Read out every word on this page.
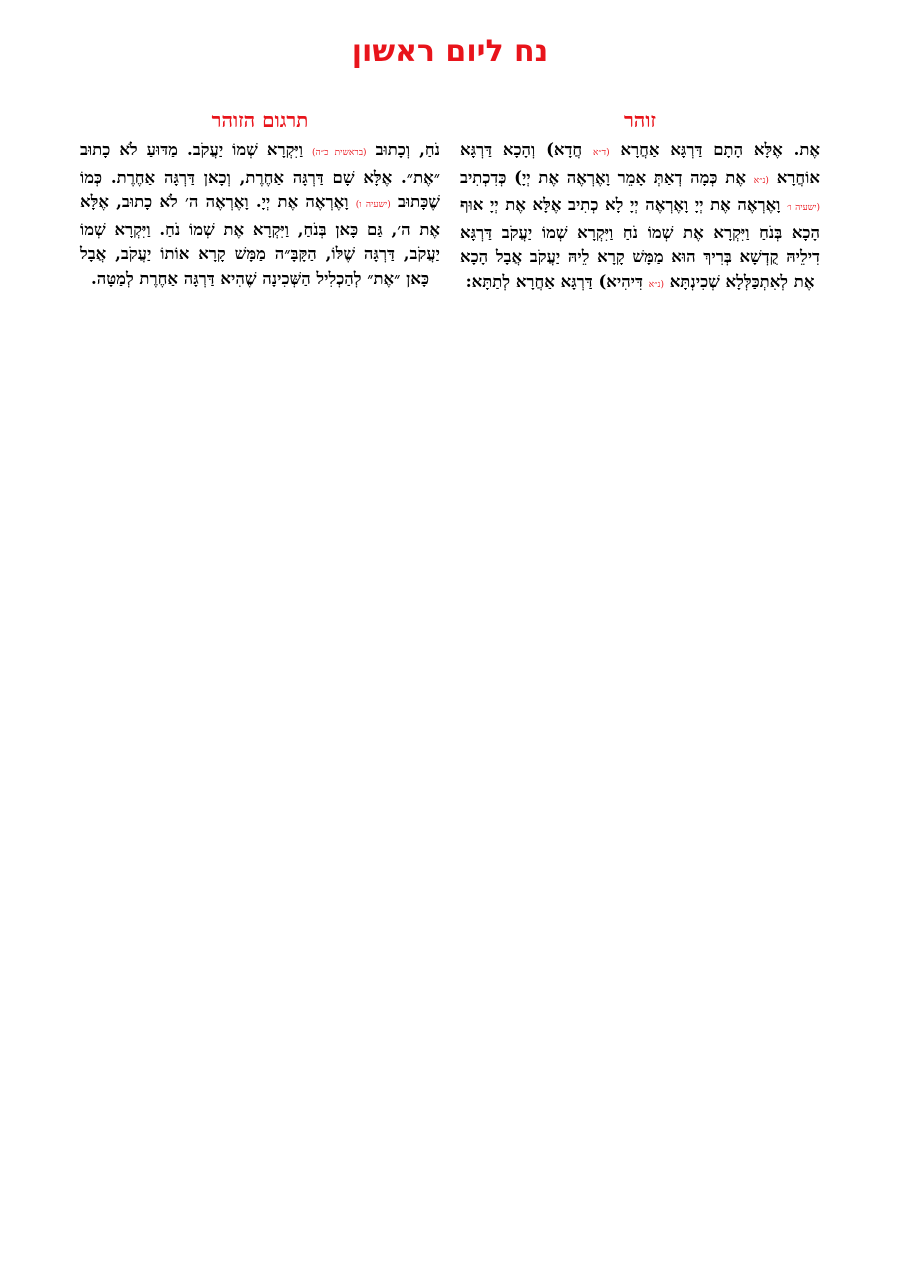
נח ליום ראשון
זוהר

אֶת. אֶלָּא הָתָם דַּרְגָּא אַחֲרָא (ד״א חֲדָא) וְהָכָא דַּרְגָּא אוֹחֲרָא (נ״א אֶת כְּמָה דְאַתְּ אָמֵר וָאֶרְאֶה אֶת יְיָ) כְּדִכְתִיב (ישעיה ו׳ וָאֶרְאֶה אֶת יְיָ וָאֶרְאֶה יְיָ לָא כְתִיב אֶלָּא אֶת יְיָ אוּף הָכָא בְּנֹחַ וַיִּקְרָא אֶת שְׁמוֹ נֹחַ וַיִּקְרָא שְׁמוֹ יַעֲקֹב דַּרְגָּא דִילֵיהּ קֻדְשָׁא בְּרִיךְ הוּא מַמָּשׁ קָרָא לֵיהּ יַעֲקֹב אֲבָל הָכָא אֶת לְאִתְכַּלְּלָא שְׁכִינְתָּא (נ״א דִּיהִיא) דַּרְגָּא אַחֲרָא לְתַתָּא:

תרגום הזוהר

נֹחַ, וְכָתוּב (בראשית כ״ה) וַיִּקְרָא שְׁמוֹ יַעֲקֹב. מַדּוּעַ לֹא כָתוּב ״אֶת״. אֶלָּא שָׁם דַּרְגָּה אַחֶרֶת, וְכָאן דַּרְגָּה אַחֶרֶת. כְּמוֹ שֶׁכָּתוּב (ישעיה ו) וָאֶרְאֶה אֶת יְיָ. וָאֶרְאֶה ה׳ לֹא כָתוּב, אֶלָּא אֶת ה׳, גַּם כָּאן בְּנֹחַ, וַיִּקְרָא אֶת שְׁמוֹ נֹחַ. וַיִּקְרָא שְׁמוֹ יַעֲקֹב, דַּרְגָּה שֶׁלּוֹ, הַקָּבָּ״ה מַמָּשׁ קָרָא אוֹתוֹ יַעֲקֹב, אֲבָל כָּאן ״אֶת״ לְהַכְלִיל הַשְּׁכִינָה שֶׁהִיא דַּרְגָּה אַחֶרֶת לְמַטָּה.
